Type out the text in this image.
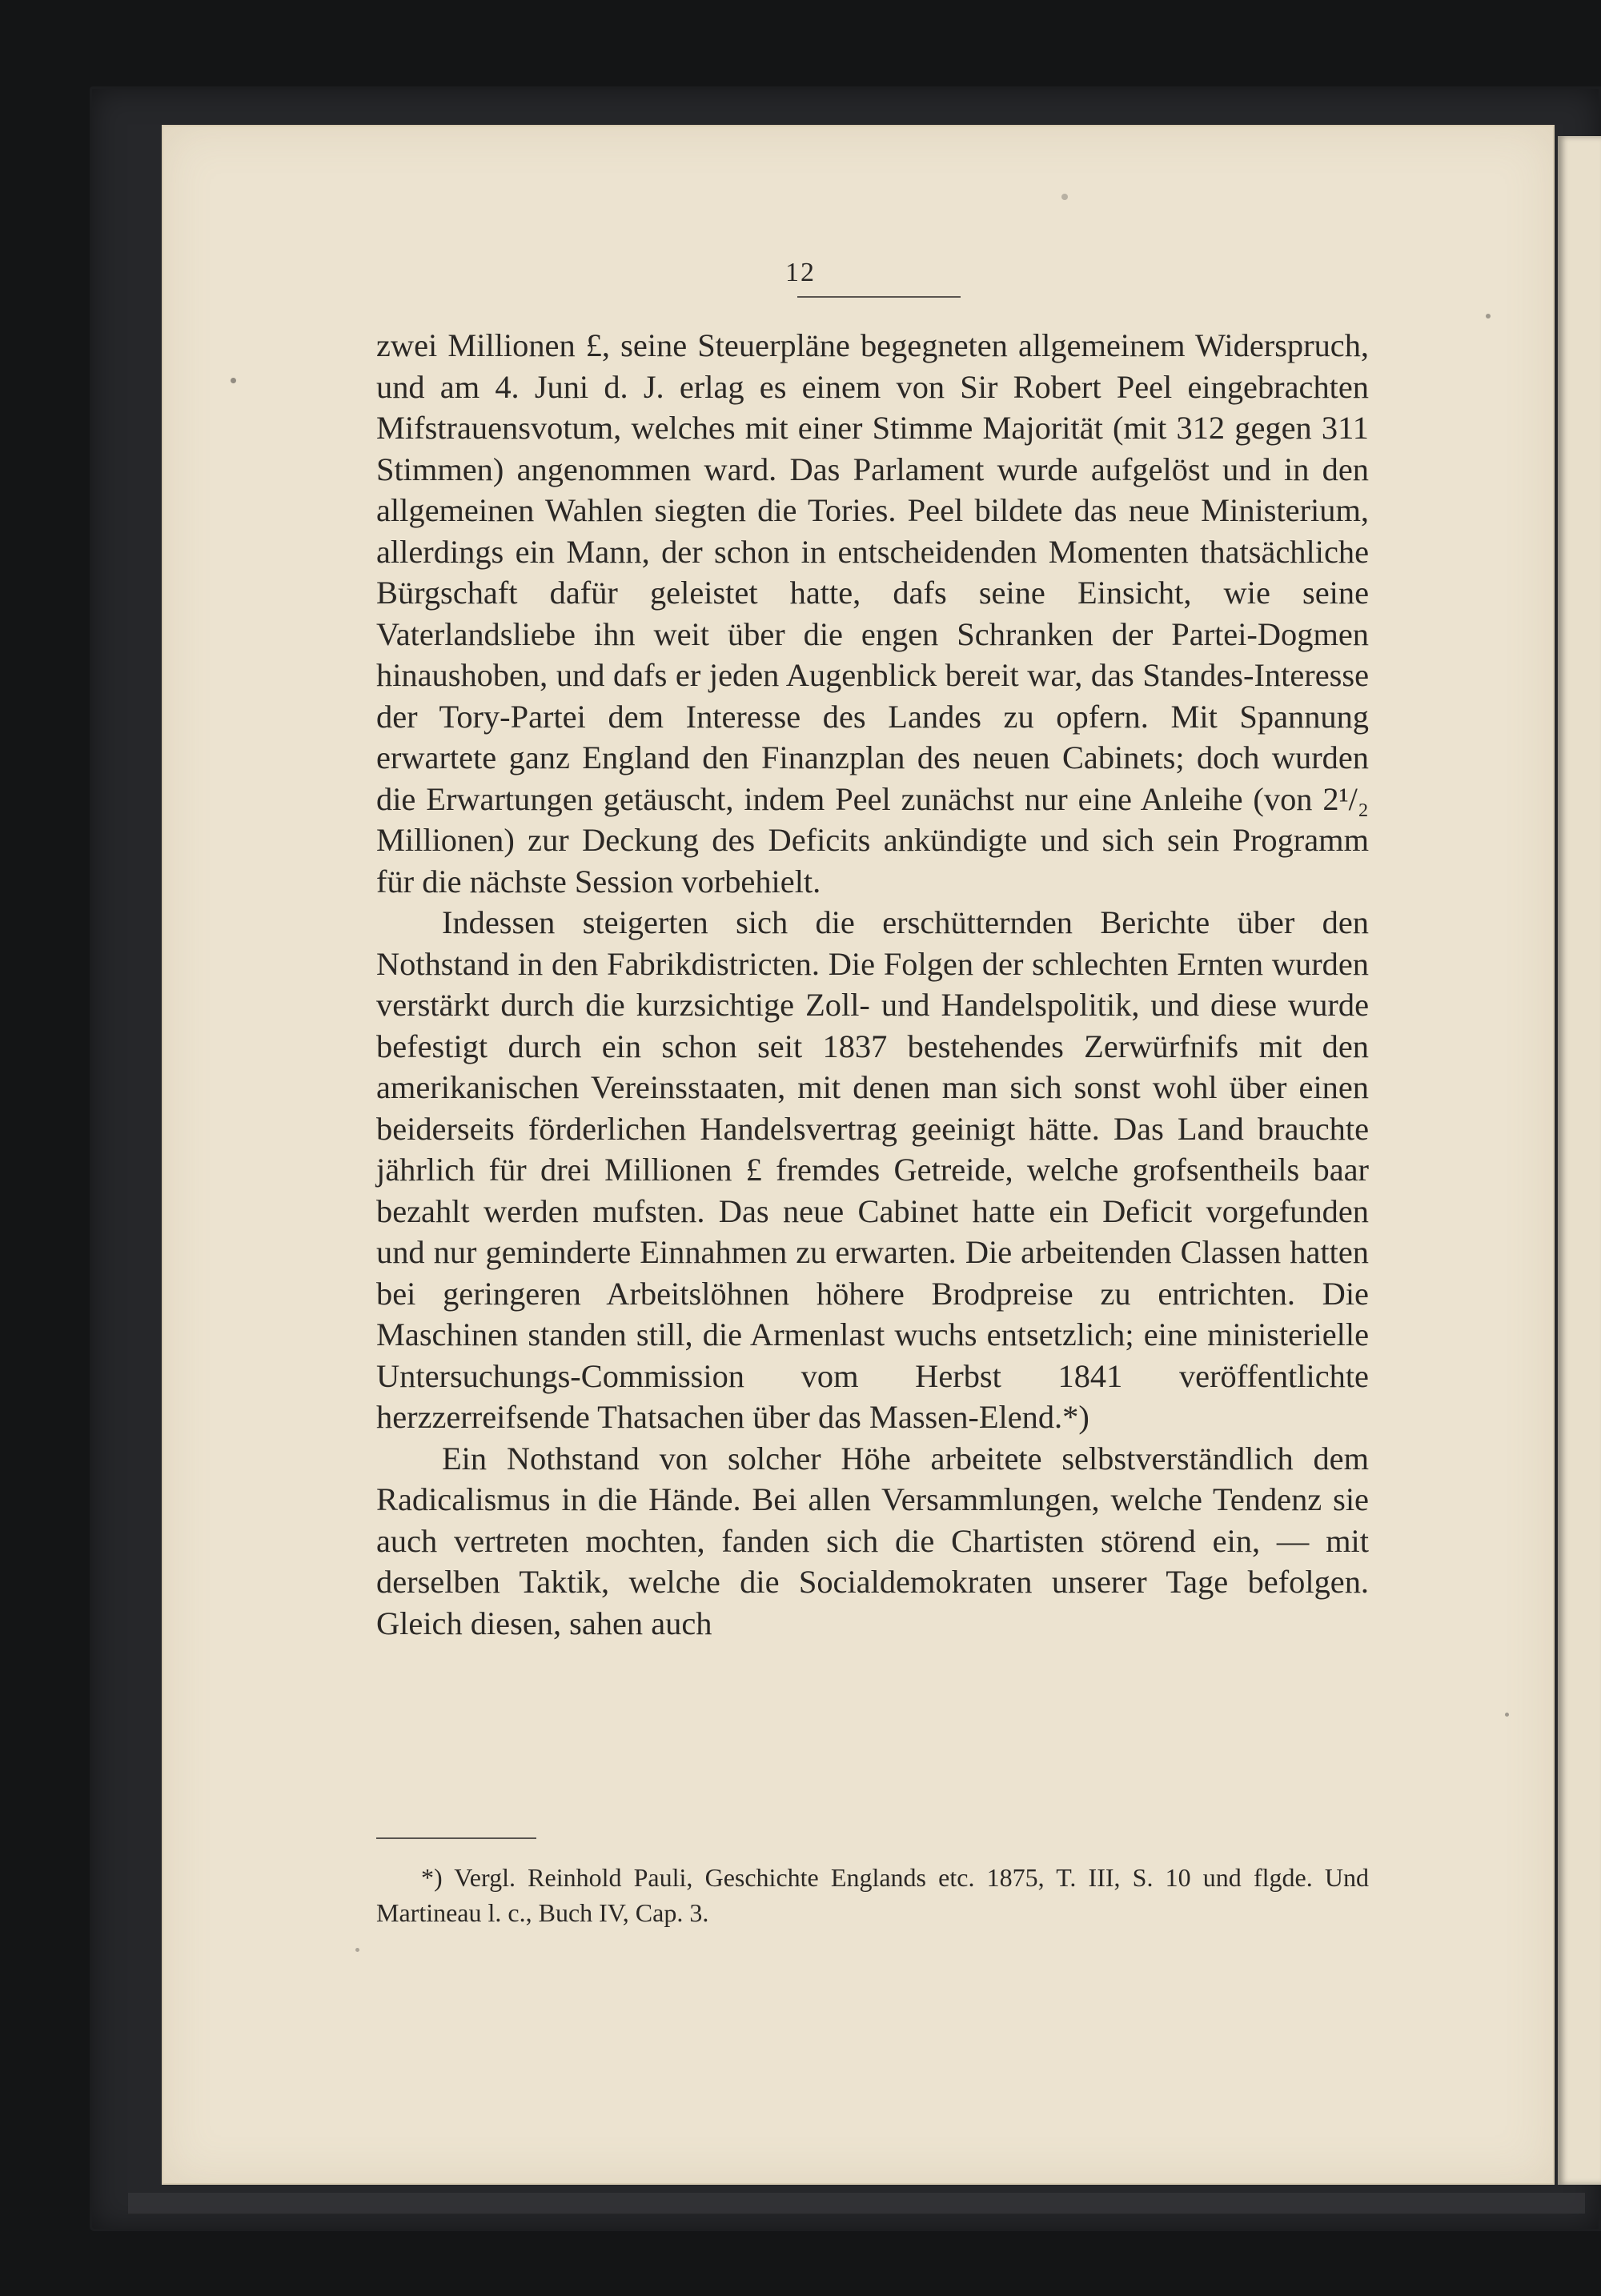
12

zwei Millionen £, seine Steuerpläne begegneten allgemeinem Widerspruch, und am 4. Juni d. J. erlag es einem von Sir Robert Peel eingebrachten Mifstrauensvotum, welches mit einer Stimme Majorität (mit 312 gegen 311 Stimmen) angenommen ward. Das Parlament wurde aufgelöst und in den allgemeinen Wahlen siegten die Tories. Peel bildete das neue Ministerium, allerdings ein Mann, der schon in entscheidenden Momenten thatsächliche Bürgschaft dafür geleistet hatte, dafs seine Einsicht, wie seine Vaterlandsliebe ihn weit über die engen Schranken der Partei-Dogmen hinaushoben, und dafs er jeden Augenblick bereit war, das Standes-Interesse der Tory-Partei dem Interesse des Landes zu opfern. Mit Spannung erwartete ganz England den Finanzplan des neuen Cabinets; doch wurden die Erwartungen getäuscht, indem Peel zunächst nur eine Anleihe (von 2¹/₂ Millionen) zur Deckung des Deficits ankündigte und sich sein Programm für die nächste Session vorbehielt.

Indessen steigerten sich die erschütternden Berichte über den Nothstand in den Fabrikdistricten. Die Folgen der schlechten Ernten wurden verstärkt durch die kurzsichtige Zoll- und Handelspolitik, und diese wurde befestigt durch ein schon seit 1837 bestehendes Zerwürfnifs mit den amerikanischen Vereinsstaaten, mit denen man sich sonst wohl über einen beiderseits förderlichen Handelsvertrag geeinigt hätte. Das Land brauchte jährlich für drei Millionen £ fremdes Getreide, welche grofsentheils baar bezahlt werden mufsten. Das neue Cabinet hatte ein Deficit vorgefunden und nur geminderte Einnahmen zu erwarten. Die arbeitenden Classen hatten bei geringeren Arbeitslöhnen höhere Brodpreise zu entrichten. Die Maschinen standen still, die Armenlast wuchs entsetzlich; eine ministerielle Untersuchungs-Commission vom Herbst 1841 veröffentlichte herzzerreifsende Thatsachen über das Massen-Elend.*)

Ein Nothstand von solcher Höhe arbeitete selbstverständlich dem Radicalismus in die Hände. Bei allen Versammlungen, welche Tendenz sie auch vertreten mochten, fanden sich die Chartisten störend ein, — mit derselben Taktik, welche die Socialdemokraten unserer Tage befolgen. Gleich diesen, sahen auch

*) Vergl. Reinhold Pauli, Geschichte Englands etc. 1875, T. III, S. 10 und flgde. Und Martineau l. c., Buch IV, Cap. 3.
